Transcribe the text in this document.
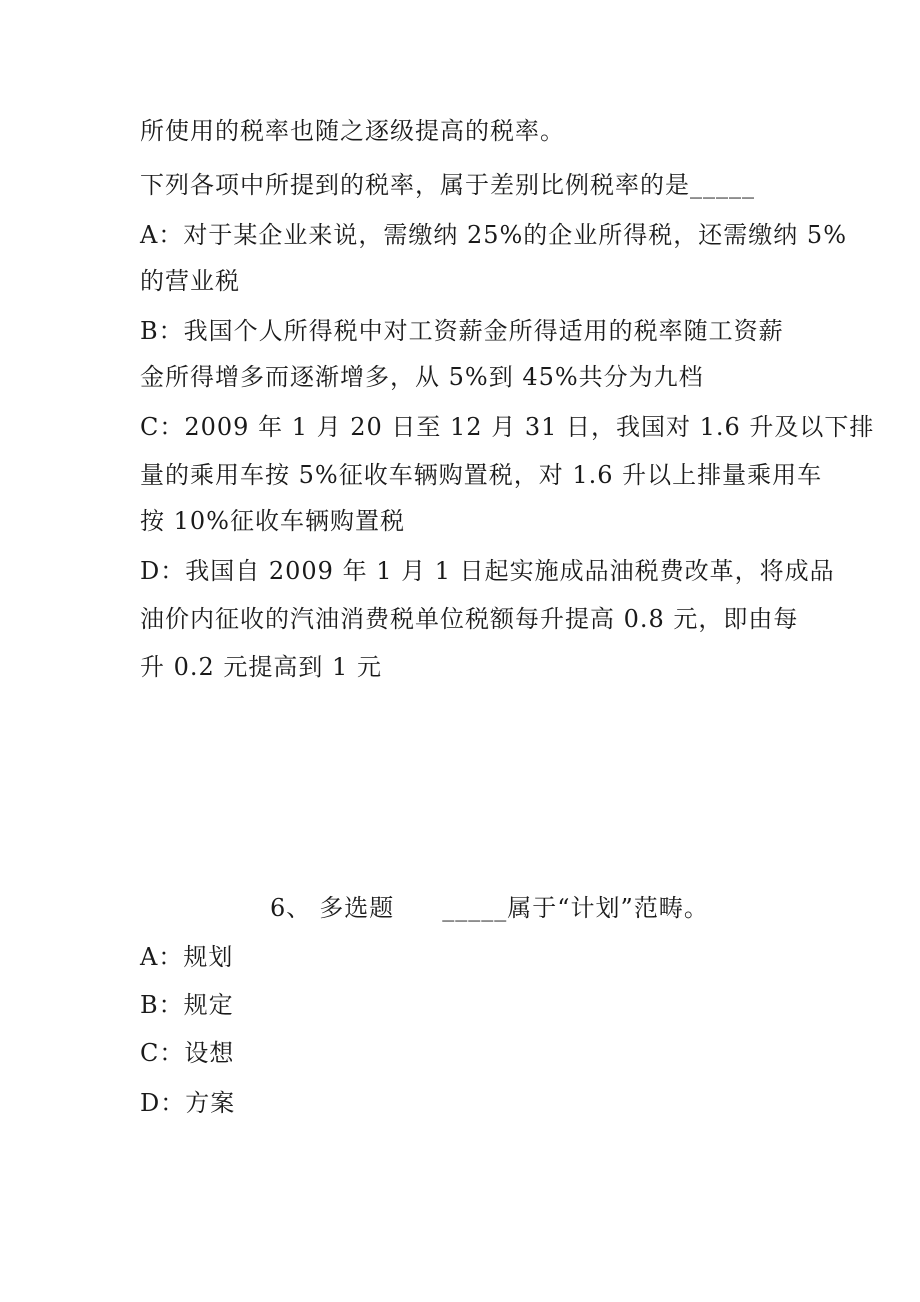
所使用的税率也随之逐级提高的税率。
下列各项中所提到的税率，属于差别比例税率的是_____
A：对于某企业来说，需缴纳 25%的企业所得税，还需缴纳 5%
的营业税
B：我国个人所得税中对工资薪金所得适用的税率随工资薪
金所得增多而逐渐增多，从 5%到 45%共分为九档
C：2009 年 1 月 20 日至 12 月 31 日，我国对 1.6 升及以下排
量的乘用车按 5%征收车辆购置税，对 1.6 升以上排量乘用车
按 10%征收车辆购置税
D：我国自 2009 年 1 月 1 日起实施成品油税费改革，将成品
油价内征收的汽油消费税单位税额每升提高 0.8 元，即由每
升 0.2 元提高到 1 元
6、 多选题 _____属于“计划”范畴。
A：规划
B：规定
C：设想
D：方案
